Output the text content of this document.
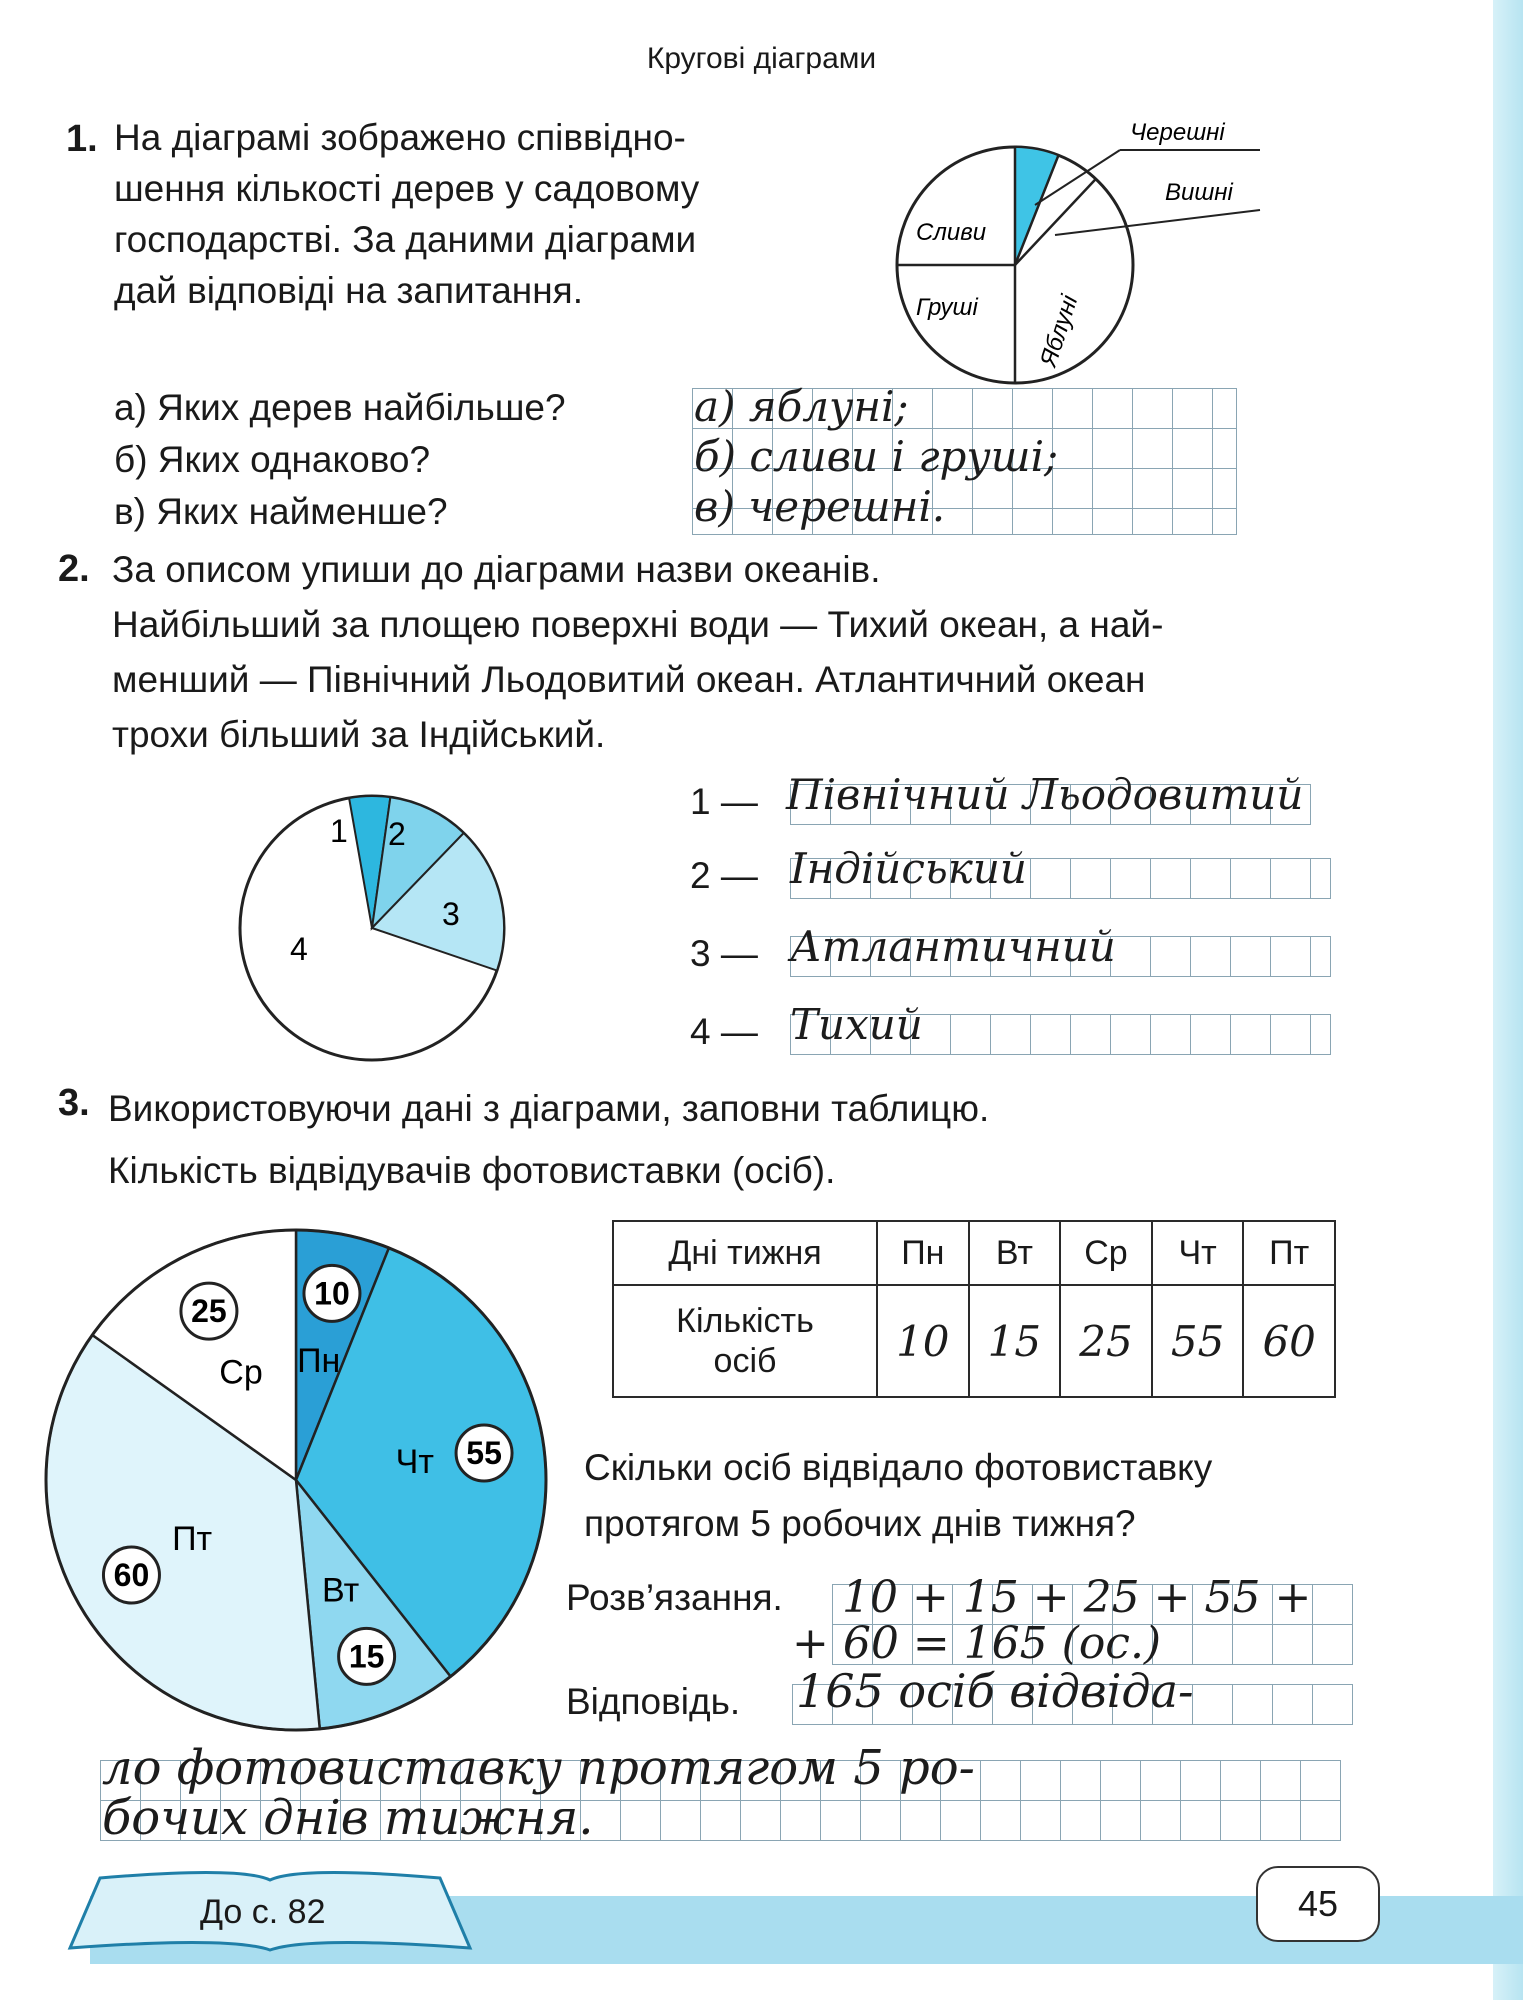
Кругові діаграми
1. На діаграмі зображено співвідно-
шення кількості дерев у садовому
господарстві. За даними діаграми
дай відповіді на запитання.
Черешні
Вишні
Сливи
Груші Яблуні
а) Яких дерев найбільше?
б) Яких однаково?
в) Яких найменше?
а) яблуні;
б) сливи і груші;
в) черешні.
2. За описом упиши до діаграми назви океанів.
Найбільший за площею поверхні води — Тихий океан, а най-
менший — Північний Льодовитий океан. Атлантичний океан
трохи більший за Індійський.
1 2
3
4
1 — Північний Льодовитий
2 — Індійський
3 — Атлантичний
4 — Тихий
3. Використовуючи дані з діаграми, заповни таблицю.
Кількість відвідувачів фотовиставки (осіб).
Пн
10
Чт 55
Вт
15
Пт
60
Ср
25
Дні тижня	Пн	Вт	Ср	Чт	Пт

Кількість
осіб	10	15	25	55	60
Скільки осіб відвідало фотовиставку
протягом 5 робочих днів тижня?
Розв’язання. 10 + 15 + 25 + 55 +
+ 60 = 165 (ос.)
Відповідь. 165 осіб відвіда-
ло фотовиставку протягом 5 ро-
бочих днів тижня.
До с. 82	45
